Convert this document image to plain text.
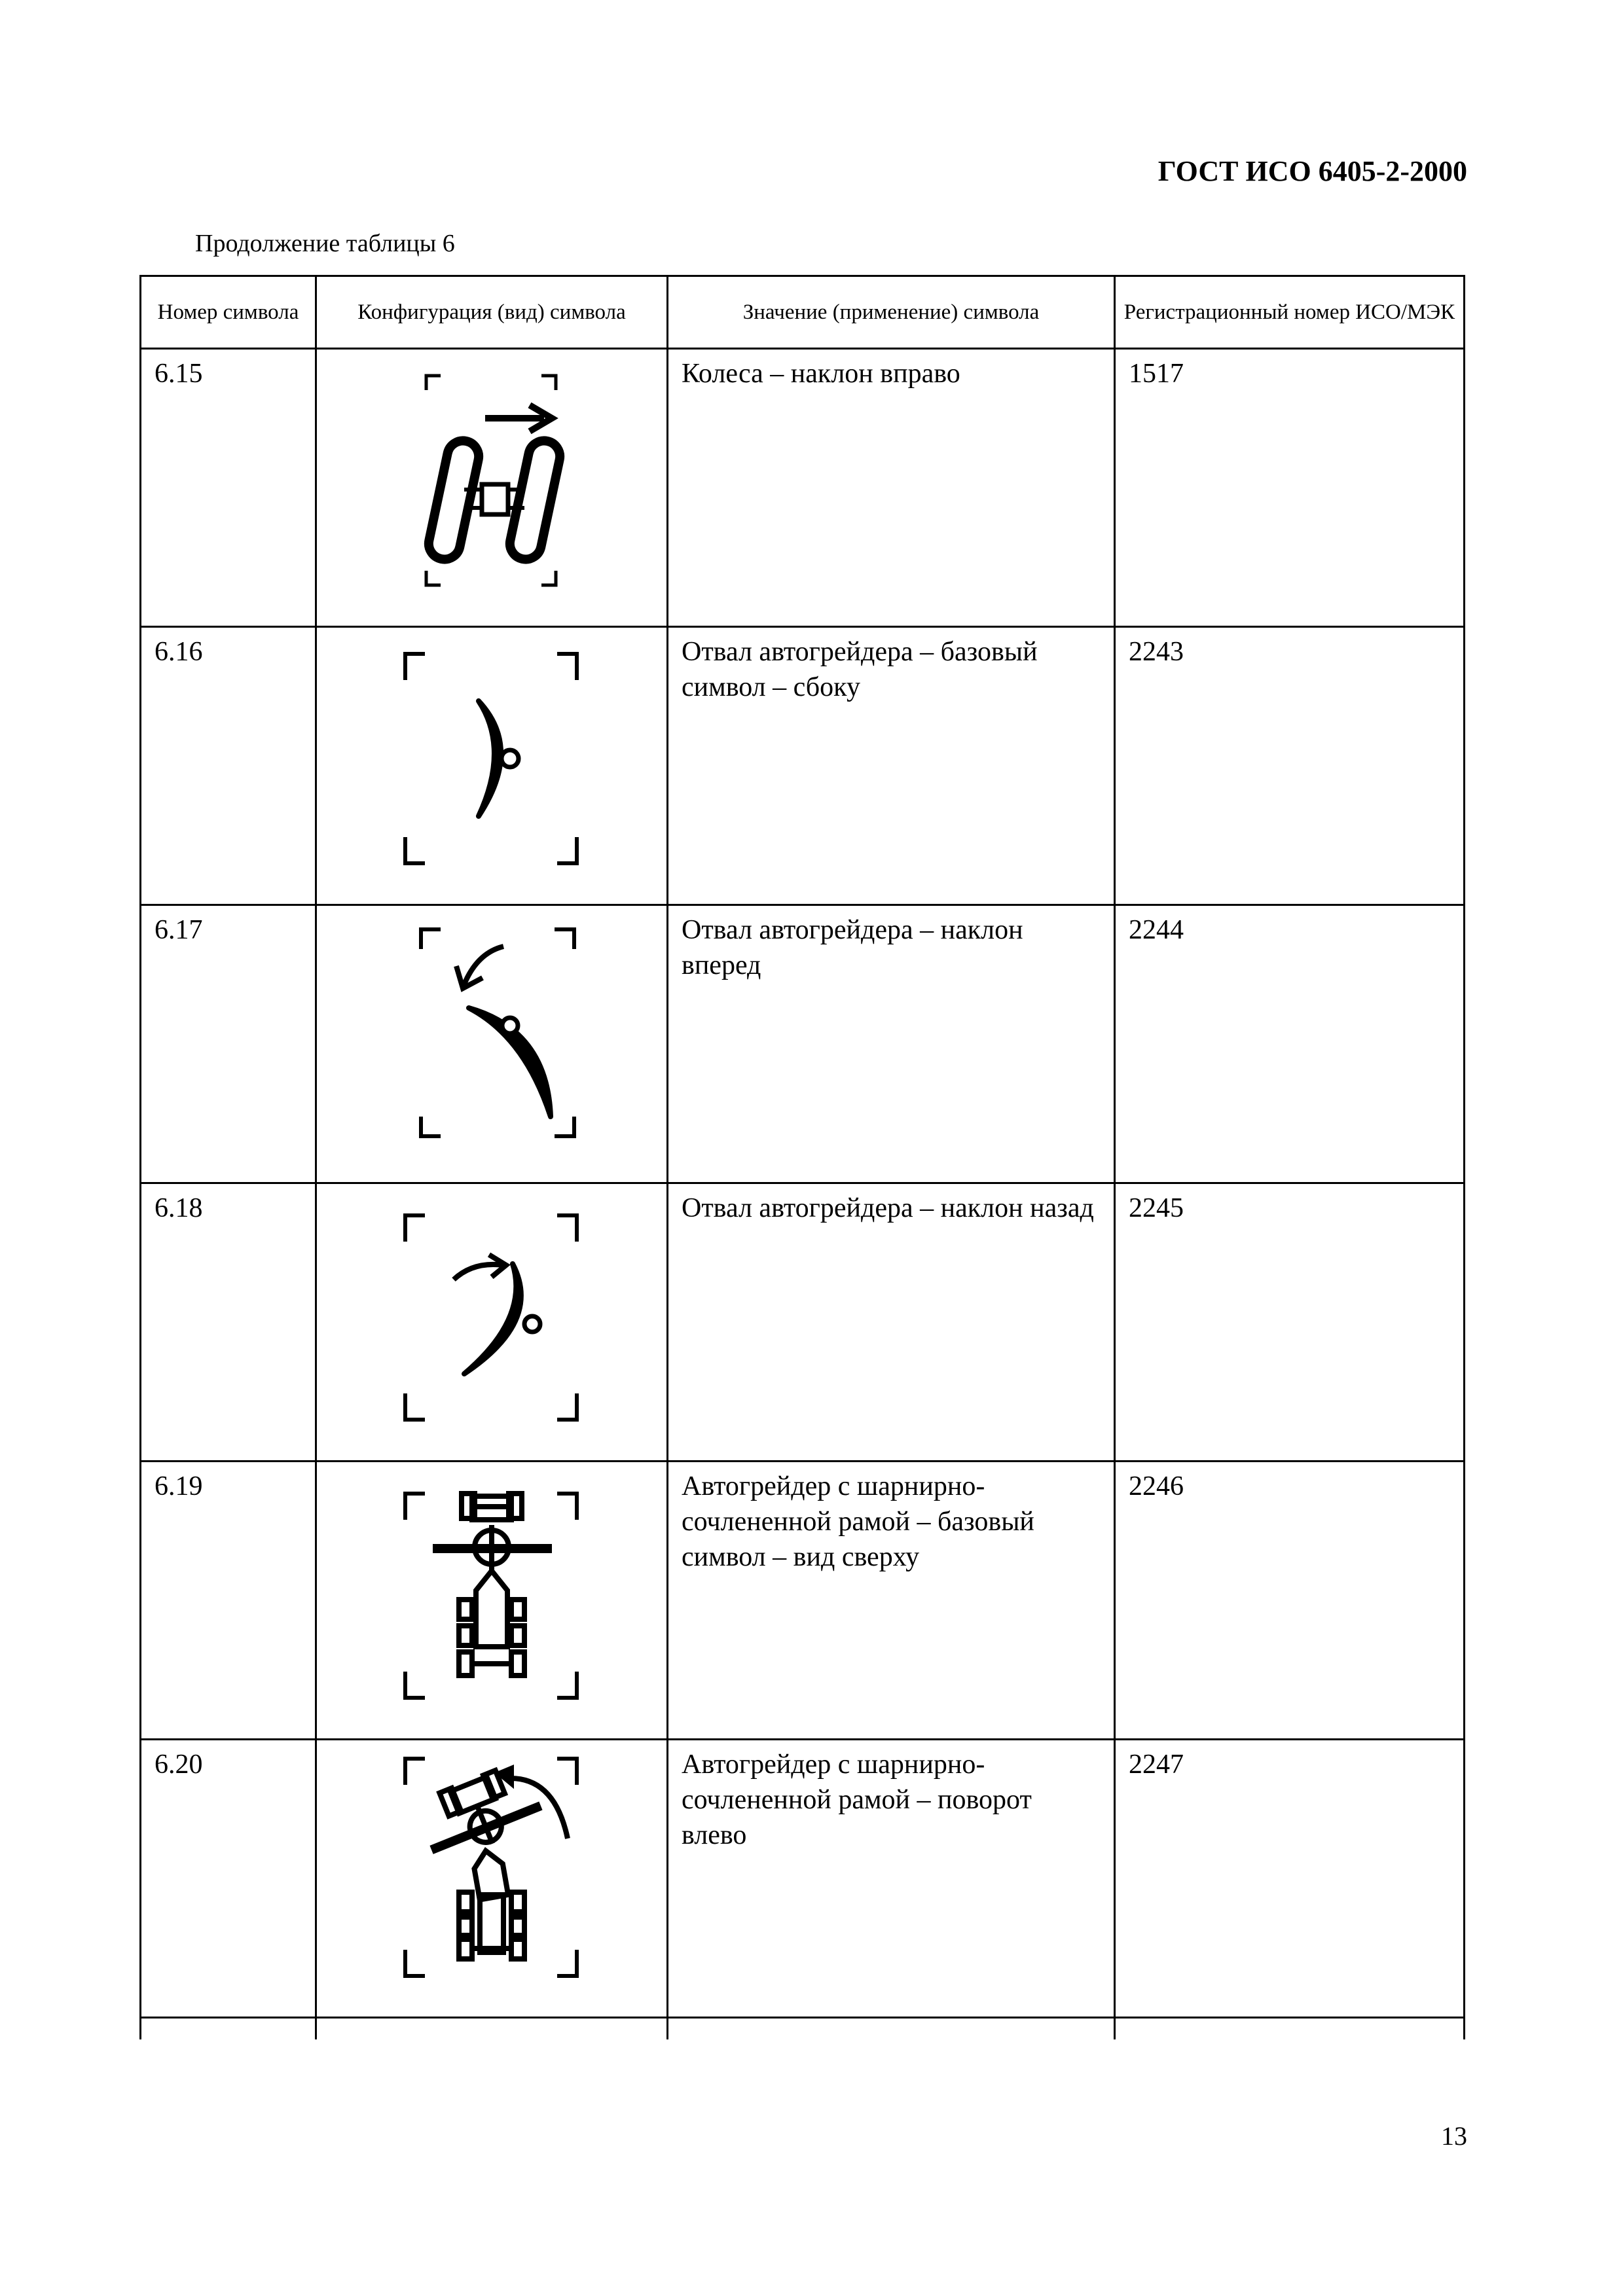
ГОСТ ИСО 6405-2-2000
Продолжение таблицы 6
Номер символа	Конфигурация (вид) символа	Значение (применение) символа	Регистрационный номер ИСО/МЭК
6.15		Колеса – наклон вправо	1517
6.16		Отвал автогрейдера – базовый символ – сбоку	2243
6.17		Отвал автогрейдера – наклон вперед	2244
6.18		Отвал автогрейдера – наклон назад	2245
6.19		Автогрейдер с шарнирно-сочлененной рамой – базовый символ – вид сверху	2246
6.20		Автогрейдер с шарнирно-сочлененной рамой – поворот влево	2247

13
